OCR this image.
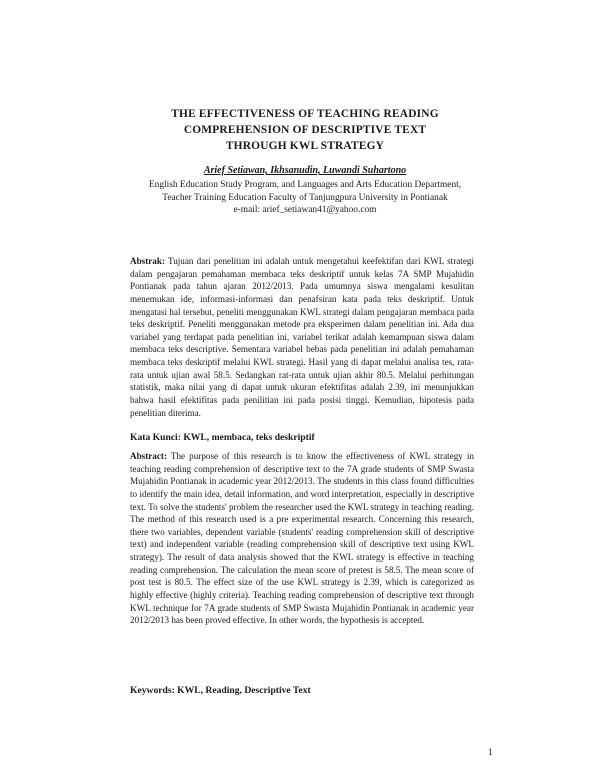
THE EFFECTIVENESS OF TEACHING READING
COMPREHENSION OF DESCRIPTIVE TEXT
THROUGH KWL STRATEGY
Arief Setiawan, Ikhsanudin, Luwandi Suhartono
English Education Study Program, and Languages and Arts Education Department,
Teacher Training Education Faculty of Tanjungpura University in Pontianak
e-mail: arief_setiawan41@yahoo.com
Abstrak: Tujuan dari penelitian ini adalah untuk mengetahui keefektifan dari KWL strategi dalam pengajaran pemahaman membaca teks deskriptif untuk kelas 7A SMP Mujahidin Pontianak pada tahun ajaran 2012/2013. Pada umumnya siswa mengalami kesulitan menemukan ide, informasi-informasi dan penafsiran kata pada teks deskriptif. Untuk mengatasi hal tersebut, peneliti menggunakan KWL strategi dalam pengajaran membaca pada teks deskriptif. Peneliti menggunakan metode pra eksperimen dalam penelitian ini. Ada dua variabel yang terdapat pada penelitian ini, variabel terikat adalah kemampuan siswa dalam membaca teks descriptive. Sementara variabel bebas pada penelitian ini adalah pemahaman membaca teks deskriptif melalui KWL strategi. Hasil yang di dapat melalui analisa tes, rata-rata untuk ujian awal 58.5. Sedangkan rat-rata untuk ujian akhir 80.5. Melalui perhitungan statistik, maka nilai yang di dapat untuk ukuran efektifitas adalah 2.39, ini menunjukkan bahwa hasil efektifitas pada penilitian ini pada posisi tinggi. Kemudian, hipotesis pada penelitian diterima.
Kata Kunci: KWL, membaca, teks deskriptif
Abstract: The purpose of this research is to know the effectiveness of KWL strategy in teaching reading comprehension of descriptive text to the 7A grade students of SMP Swasta Mujahidin Pontianak in academic year 2012/2013. The students in this class found difficulties to identify the main idea, detail information, and word interpretation, especially in descriptive text. To solve the students' problem the researcher used the KWL strategy in teaching reading. The method of this research used is a pre experimental research. Concerning this research, there two variables, dependent variable (students' reading comprehension skill of descriptive text) and independent variable (reading comprehension skill of descriptive text using KWL strategy). The result of data analysis showed that the KWL strategy is effective in teaching reading comprehension. The calculation the mean score of pretest is 58.5. The mean score of post test is 80.5. The effect size of the use KWL strategy is 2.39, which is categorized as highly effective (highly criteria). Teaching reading comprehension of descriptive text through KWL technique for 7A grade students of SMP Swasta Mujahidin Pontianak in academic year 2012/2013 has been proved effective. In other words, the hypothesis is accepted.
Keywords: KWL, Reading, Descriptive Text
1
